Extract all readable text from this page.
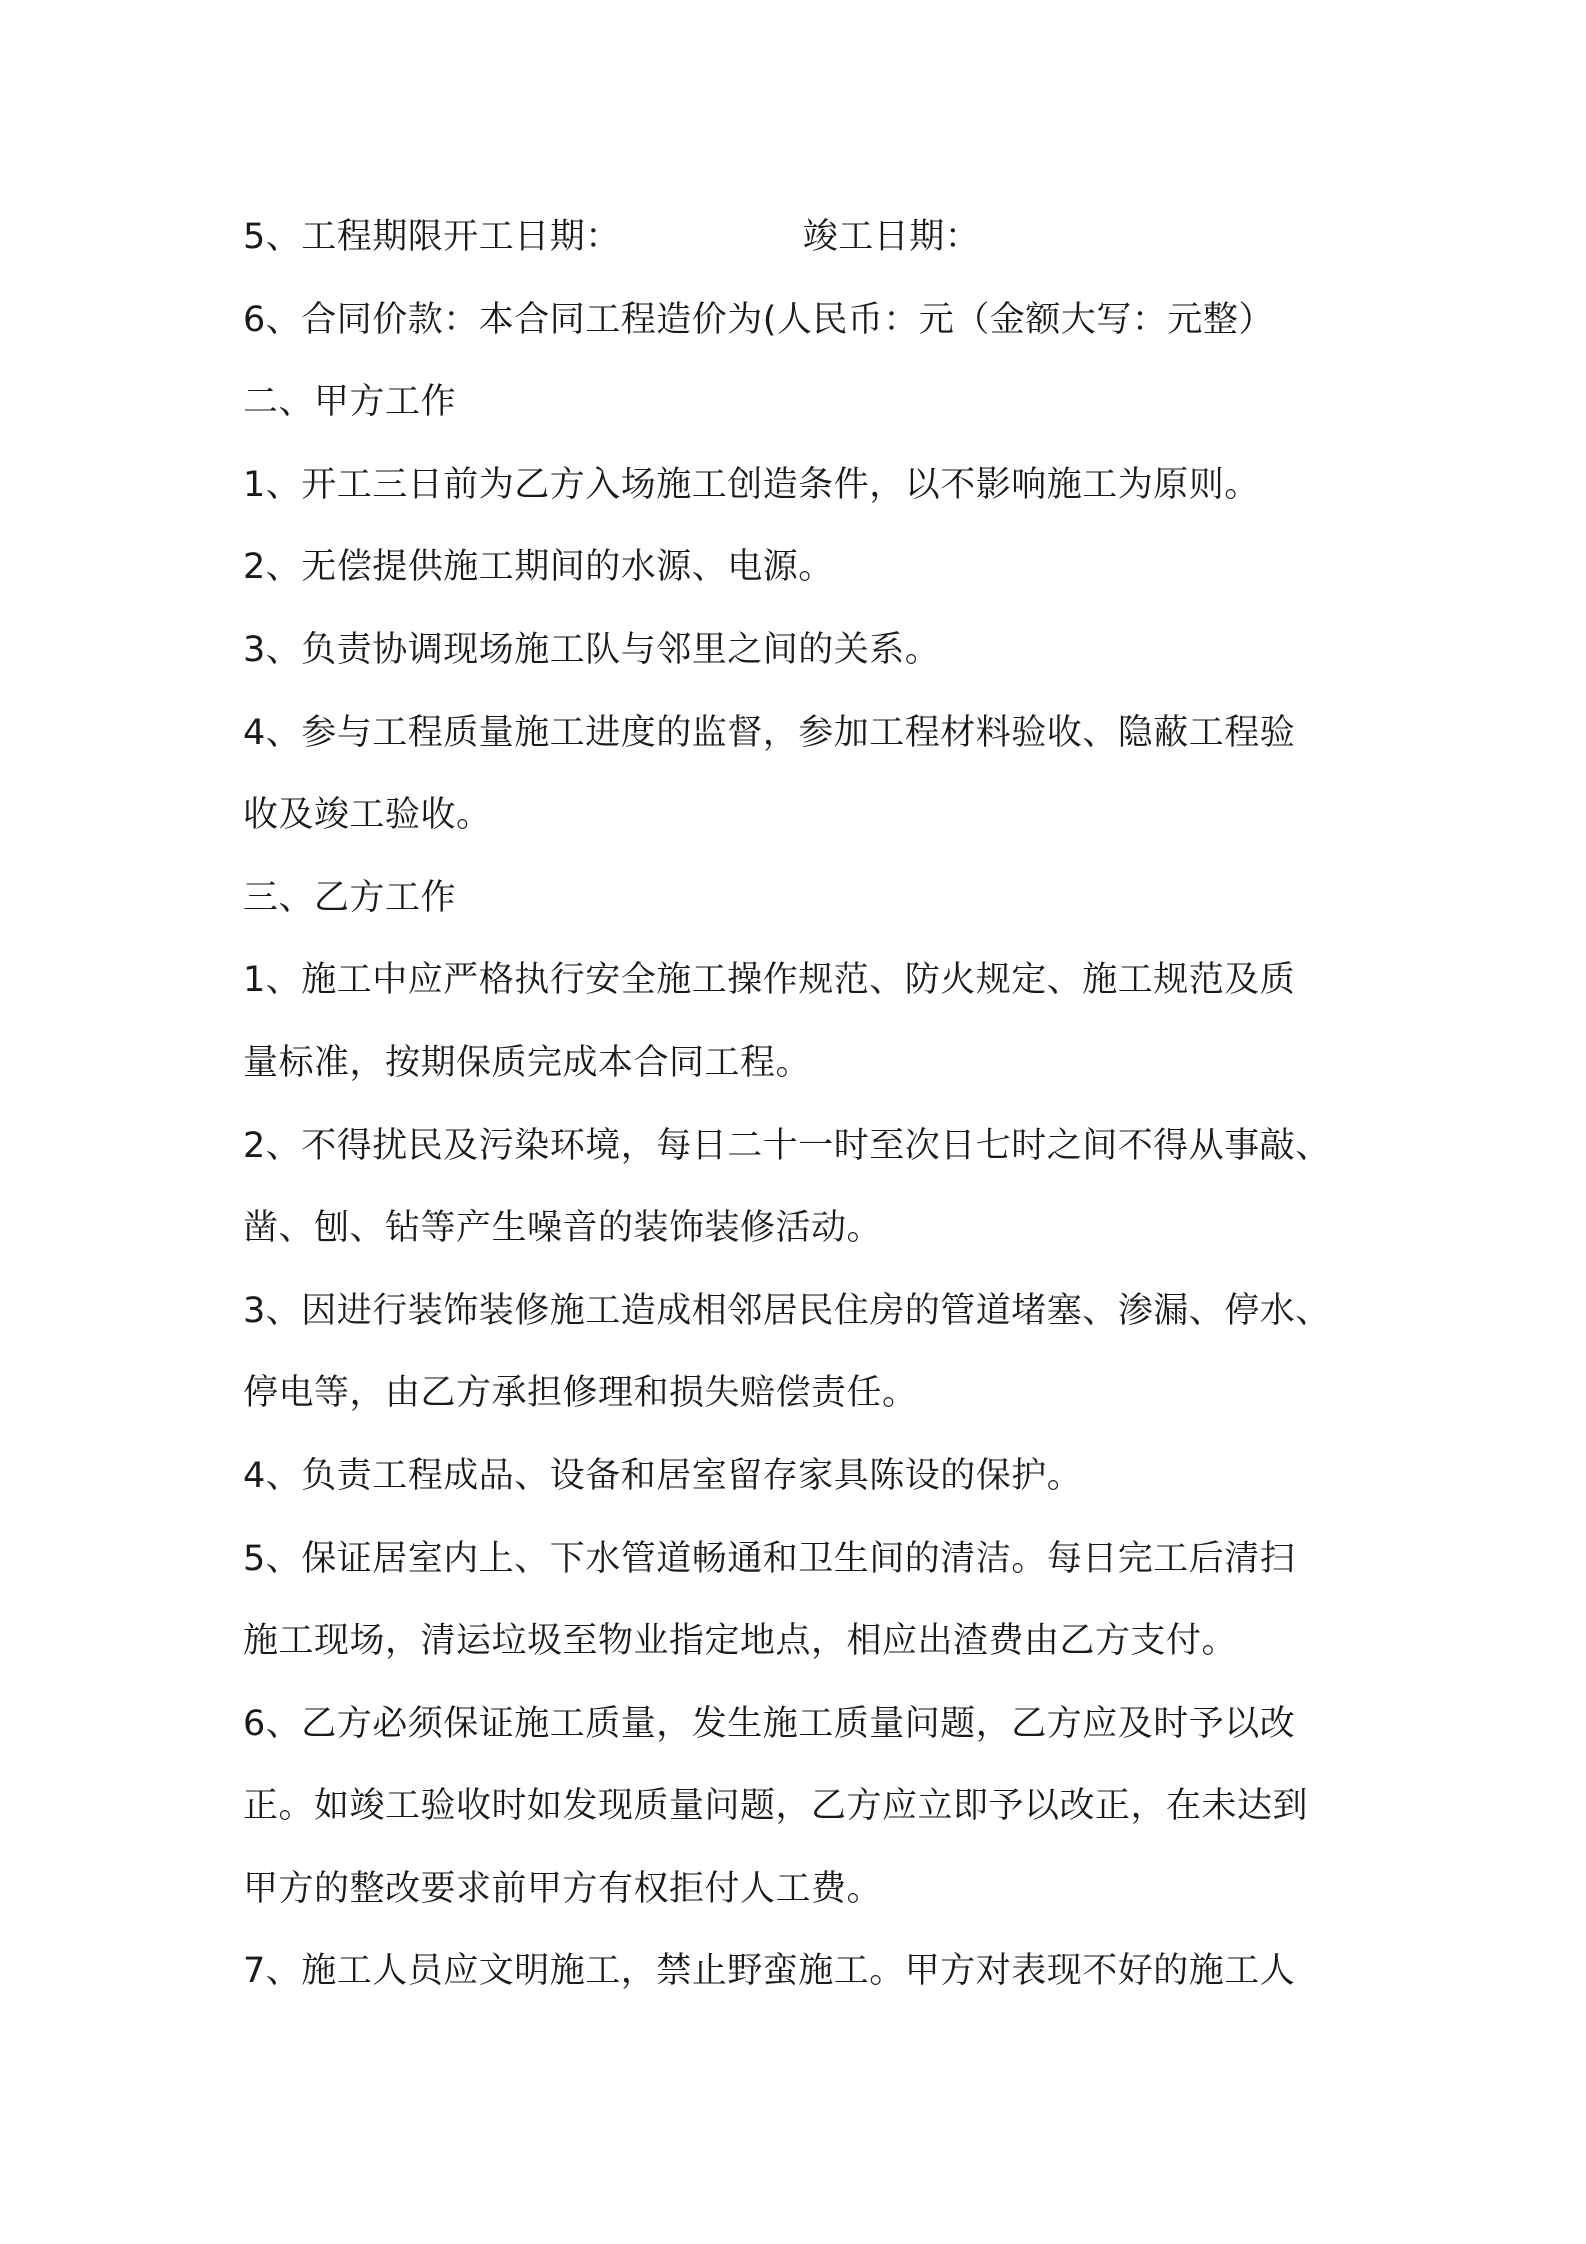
5、工程期限开工日期：	竣工日期：
6、合同价款：本合同工程造价为(人民币：元（金额大写：元整）
二、甲方工作
1、开工三日前为乙方入场施工创造条件，以不影响施工为原则。
2、无偿提供施工期间的水源、电源。
3、负责协调现场施工队与邻里之间的关系。
4、参与工程质量施工进度的监督，参加工程材料验收、隐蔽工程验
收及竣工验收。
三、乙方工作
1、施工中应严格执行安全施工操作规范、防火规定、施工规范及质
量标准，按期保质完成本合同工程。
2、不得扰民及污染环境，每日二十一时至次日七时之间不得从事敲、
凿、刨、钻等产生噪音的装饰装修活动。
3、因进行装饰装修施工造成相邻居民住房的管道堵塞、渗漏、停水、
停电等，由乙方承担修理和损失赔偿责任。
4、负责工程成品、设备和居室留存家具陈设的保护。
5、保证居室内上、下水管道畅通和卫生间的清洁。每日完工后清扫
施工现场，清运垃圾至物业指定地点，相应出渣费由乙方支付。
6、乙方必须保证施工质量，发生施工质量问题，乙方应及时予以改
正。如竣工验收时如发现质量问题，乙方应立即予以改正，在未达到
甲方的整改要求前甲方有权拒付人工费。
7、施工人员应文明施工，禁止野蛮施工。甲方对表现不好的施工人
